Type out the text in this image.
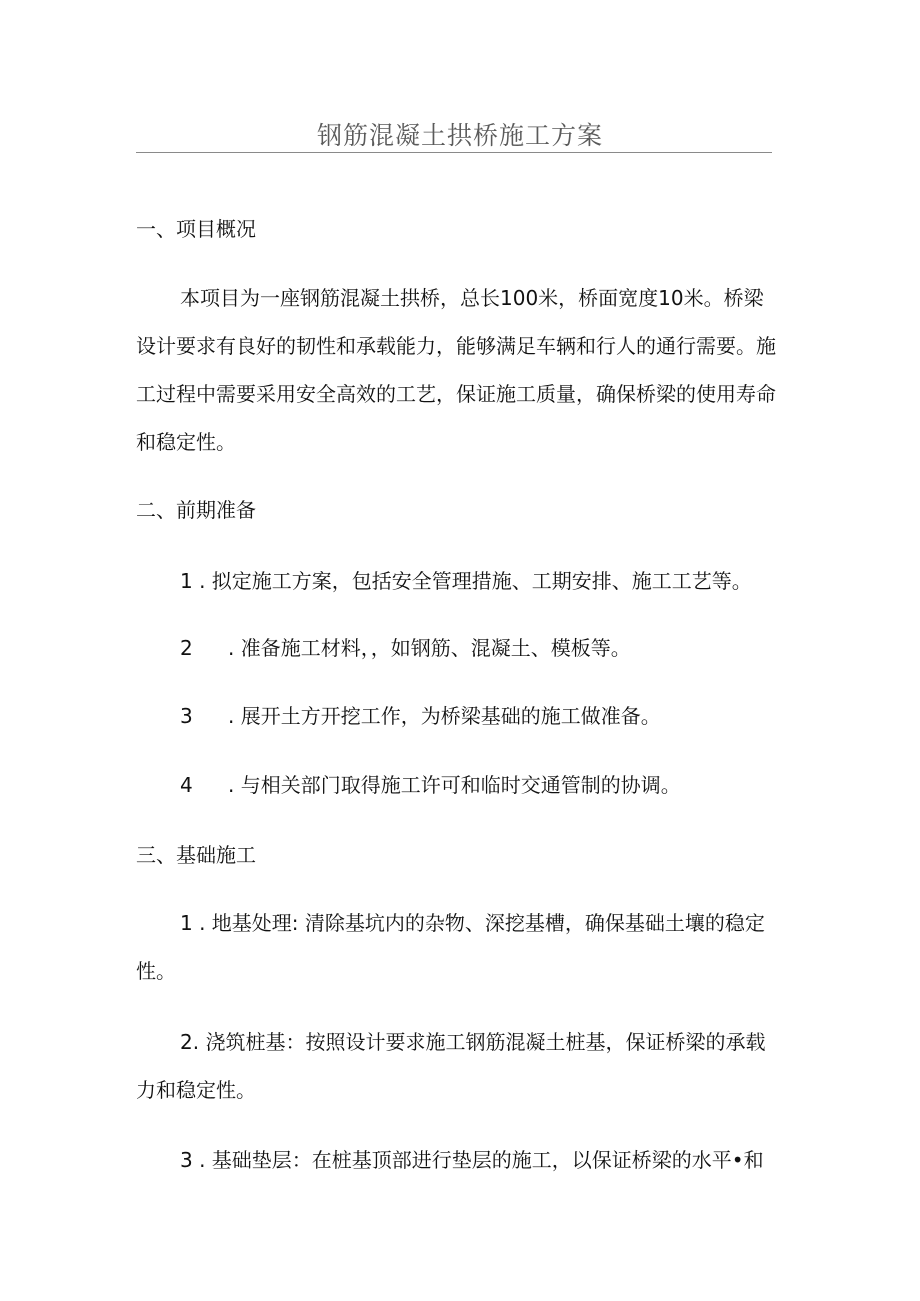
钢筋混凝土拱桥施工方案
一、项目概况

本项目为一座钢筋混凝土拱桥，总长100米，桥面宽度10米。桥梁设计要求有良好的韧性和承载能力，能够满足车辆和行人的通行需要。施工过程中需要采用安全高效的工艺，保证施工质量，确保桥梁的使用寿命和稳定性。

二、前期准备
1 . 拟定施工方案，包括安全管理措施、工期安排、施工工艺等。
2 . 准备施工材料，，如钢筋、混凝土、模板等。
3 . 展开土方开挖工作，为桥梁基础的施工做准备。
4 . 与相关部门取得施工许可和临时交通管制的协调。
三、基础施工

1 . 地基处理: 清除基坑内的杂物、深挖基槽，确保基础土壤的稳定性。

2. 浇筑桩基：按照设计要求施工钢筋混凝土桩基，保证桥梁的承载力和稳定性。

3 . 基础垫层：在桩基顶部进行垫层的施工，以保证桥梁的水平•和
